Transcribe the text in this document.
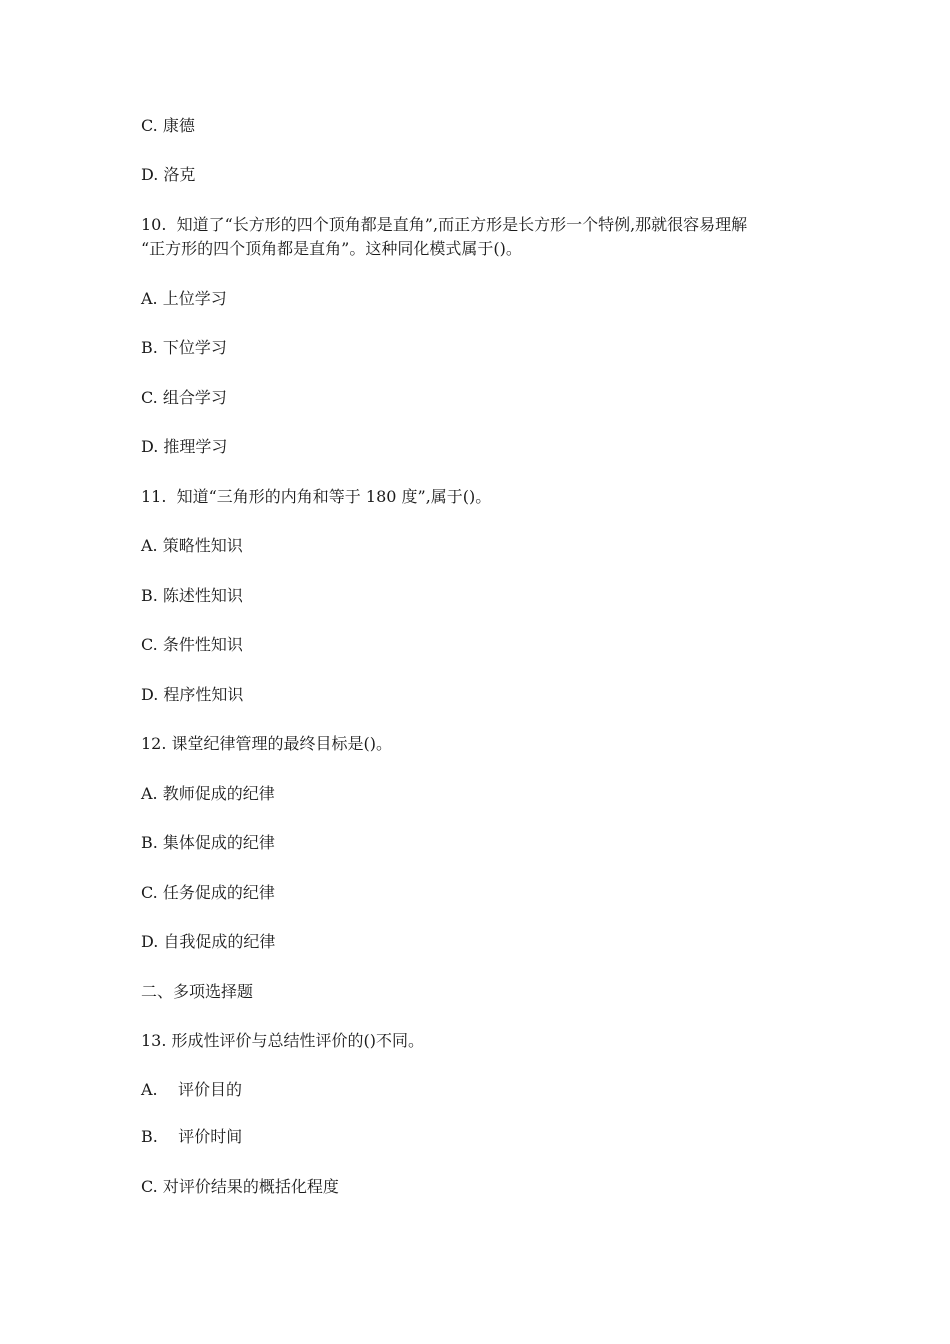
C. 康德
D. 洛克
10.  知道了“长方形的四个顶角都是直角”,而正方形是长方形一个特例,那就很容易理解
“正方形的四个顶角都是直角”。这种同化模式属于()。
A. 上位学习
B. 下位学习
C. 组合学习
D. 推理学习
11.  知道“三角形的内角和等于 180 度”,属于()。
A. 策略性知识
B. 陈述性知识
C. 条件性知识
D. 程序性知识
12. 课堂纪律管理的最终目标是()。
A. 教师促成的纪律
B. 集体促成的纪律
C. 任务促成的纪律
D. 自我促成的纪律
二、多项选择题
13. 形成性评价与总结性评价的()不同。
A.    评价目的
B.    评价时间
C. 对评价结果的概括化程度
